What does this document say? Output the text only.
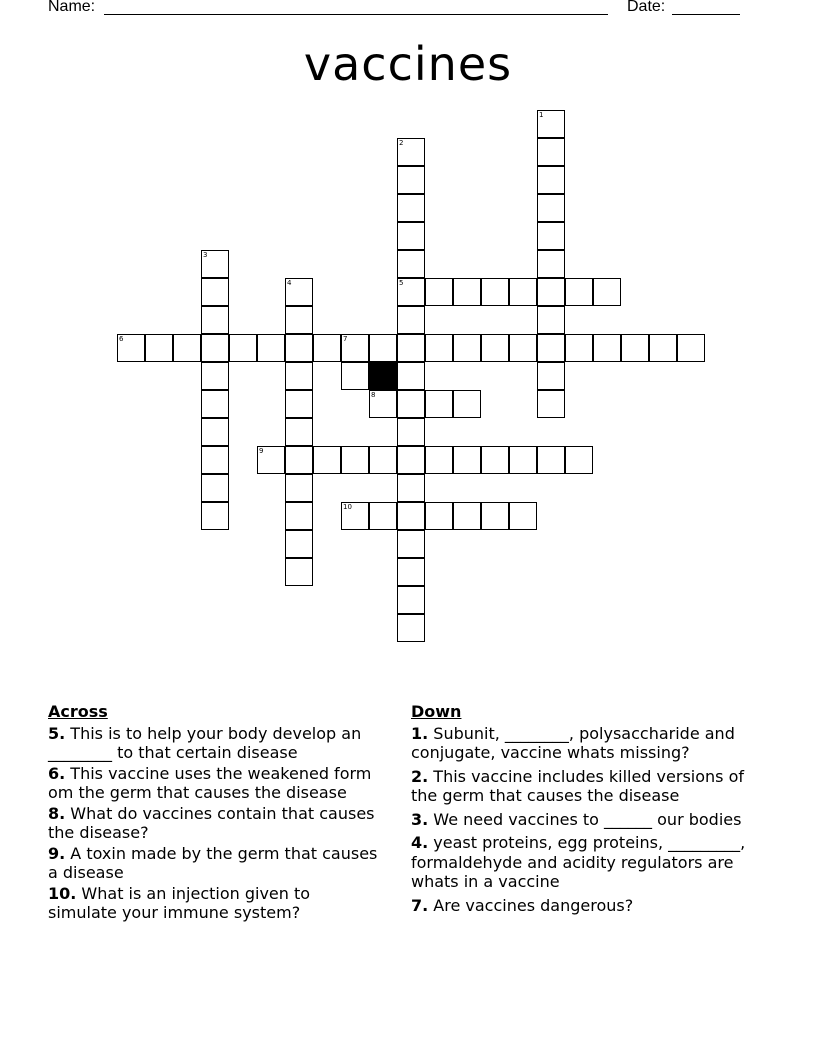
Name:	Date:
vaccines
1
2
5
3
4
7
6
8
9
10
Across
5. This is to help your body develop an ________ to that certain disease
6. This vaccine uses the weakened form om the germ that causes the disease
8. What do vaccines contain that causes the disease?
9. A toxin made by the germ that causes a disease
10. What is an injection given to simulate your immune system?
Down
1. Subunit, ________, polysaccharide and conjugate, vaccine whats missing?
2. This vaccine includes killed versions of the germ that causes the disease
3. We need vaccines to ______ our bodies
4. yeast proteins, egg proteins, _________, formaldehyde and acidity regulators are whats in a vaccine
7. Are vaccines dangerous?
